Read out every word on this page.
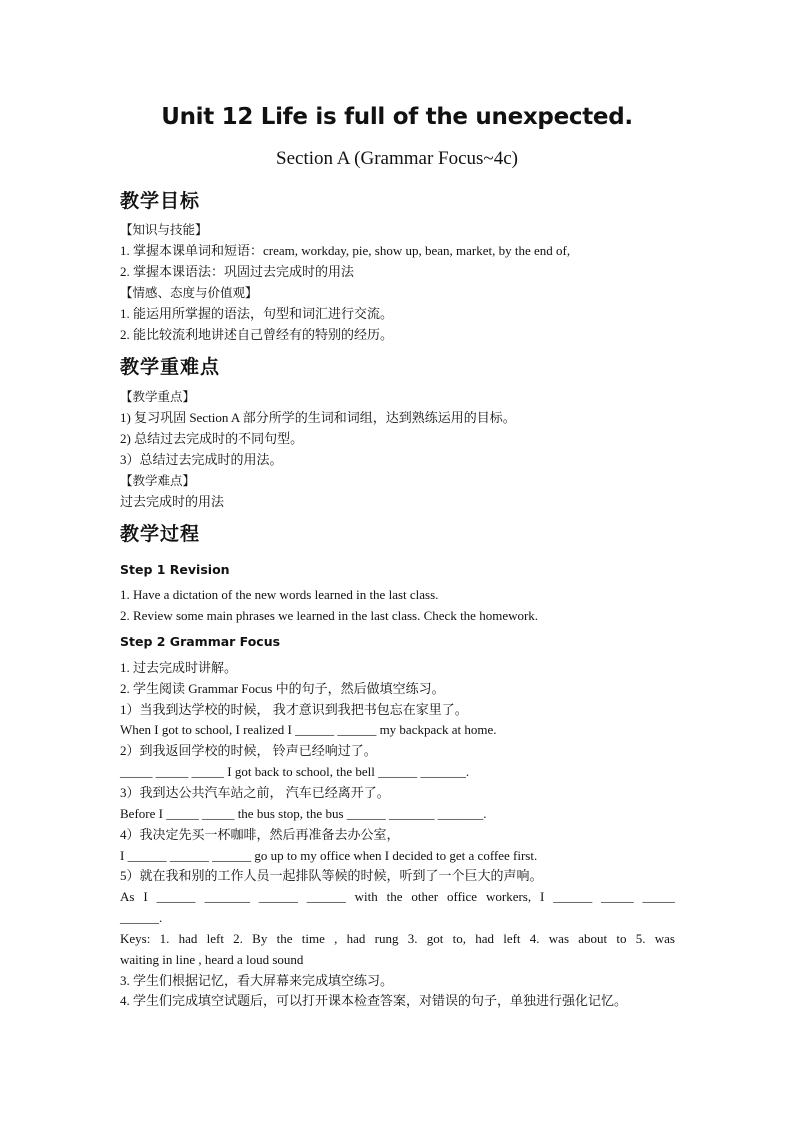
Unit 12 Life is full of the unexpected.
Section A (Grammar Focus~4c)
教学目标
【知识与技能】
1. 掌握本课单词和短语：cream, workday, pie, show up, bean, market, by the end of,
2. 掌握本课语法：巩固过去完成时的用法
【情感、态度与价值观】
1. 能运用所掌握的语法，句型和词汇进行交流。
2. 能比较流利地讲述自己曾经有的特别的经历。
教学重难点
【教学重点】
1) 复习巩固 Section A 部分所学的生词和词组，达到熟练运用的目标。
2) 总结过去完成时的不同句型。
3）总结过去完成时的用法。
【教学难点】
过去完成时的用法
教学过程
Step 1 Revision
1. Have a dictation of the new words learned in the last class.
2. Review some main phrases we learned in the last class. Check the homework.
Step 2 Grammar Focus
1. 过去完成时讲解。
2. 学生阅读 Grammar Focus 中的句子，然后做填空练习。
1）当我到达学校的时候， 我才意识到我把书包忘在家里了。
When I got to school, I realized I ______ ______ my backpack at home.
2）到我返回学校的时候， 铃声已经响过了。
_____ _____ _____ I got back to school, the bell ______ _______.
3）我到达公共汽车站之前， 汽车已经离开了。
Before I _____ _____ the bus stop, the bus ______ _______ _______.
4）我决定先买一杯咖啡，然后再准备去办公室，
I ______ ______ ______ go up to my office when I decided to get a coffee first.
5）就在我和别的工作人员一起排队等候的时候，听到了一个巨大的声响。
As I ______ _______ ______ ______ with the other office workers, I ______ _____ _____
______.
Keys: 1. had left 2. By the time , had rung 3. got to, had left 4. was about to 5. was
waiting in line , heard a loud sound
3. 学生们根据记忆，看大屏幕来完成填空练习。
4. 学生们完成填空试题后，可以打开课本检查答案，对错误的句子，单独进行强化记忆。
